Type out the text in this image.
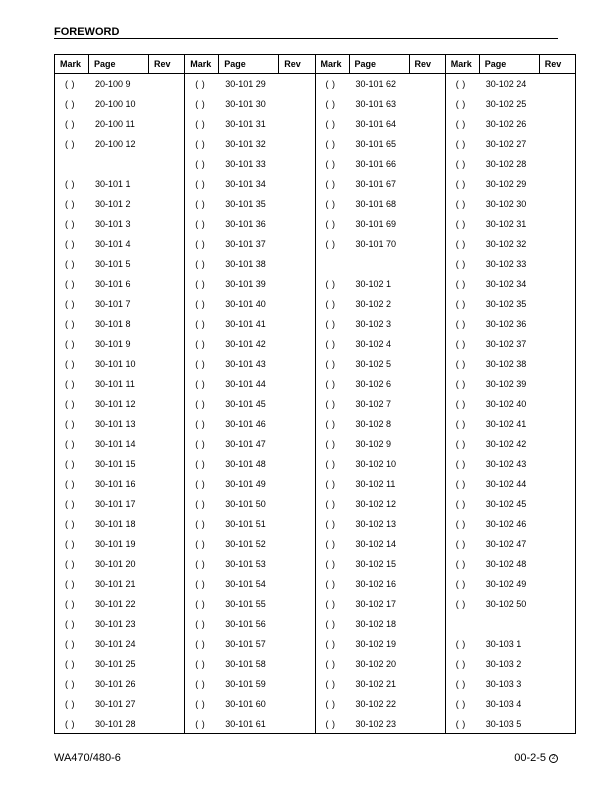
FOREWORD
Mark	Page	Rev
( )	20-100 9
( )	20-100 10
( )	20-100 11
( )	20-100 12
( )	30-101 1
( )	30-101 2
( )	30-101 3
( )	30-101 4
( )	30-101 5
( )	30-101 6
( )	30-101 7
( )	30-101 8
( )	30-101 9
( )	30-101 10
( )	30-101 11
( )	30-101 12
( )	30-101 13
( )	30-101 14
( )	30-101 15
( )	30-101 16
( )	30-101 17
( )	30-101 18
( )	30-101 19
( )	30-101 20
( )	30-101 21
( )	30-101 22
( )	30-101 23
( )	30-101 24
( )	30-101 25
( )	30-101 26
( )	30-101 27
( )	30-101 28
Mark	Page	Rev
( )	30-101 29
( )	30-101 30
( )	30-101 31
( )	30-101 32
( )	30-101 33
( )	30-101 34
( )	30-101 35
( )	30-101 36
( )	30-101 37
( )	30-101 38
( )	30-101 39
( )	30-101 40
( )	30-101 41
( )	30-101 42
( )	30-101 43
( )	30-101 44
( )	30-101 45
( )	30-101 46
( )	30-101 47
( )	30-101 48
( )	30-101 49
( )	30-101 50
( )	30-101 51
( )	30-101 52
( )	30-101 53
( )	30-101 54
( )	30-101 55
( )	30-101 56
( )	30-101 57
( )	30-101 58
( )	30-101 59
( )	30-101 60
( )	30-101 61
Mark	Page	Rev
( )	30-101 62
( )	30-101 63
( )	30-101 64
( )	30-101 65
( )	30-101 66
( )	30-101 67
( )	30-101 68
( )	30-101 69
( )	30-101 70
( )	30-102 1
( )	30-102 2
( )	30-102 3
( )	30-102 4
( )	30-102 5
( )	30-102 6
( )	30-102 7
( )	30-102 8
( )	30-102 9
( )	30-102 10
( )	30-102 11
( )	30-102 12
( )	30-102 13
( )	30-102 14
( )	30-102 15
( )	30-102 16
( )	30-102 17
( )	30-102 18
( )	30-102 19
( )	30-102 20
( )	30-102 21
( )	30-102 22
( )	30-102 23
Mark	Page	Rev
( )	30-102 24
( )	30-102 25
( )	30-102 26
( )	30-102 27
( )	30-102 28
( )	30-102 29
( )	30-102 30
( )	30-102 31
( )	30-102 32
( )	30-102 33
( )	30-102 34
( )	30-102 35
( )	30-102 36
( )	30-102 37
( )	30-102 38
( )	30-102 39
( )	30-102 40
( )	30-102 41
( )	30-102 42
( )	30-102 43
( )	30-102 44
( )	30-102 45
( )	30-102 46
( )	30-102 47
( )	30-102 48
( )	30-102 49
( )	30-102 50
( )	30-103 1
( )	30-103 2
( )	30-103 3
( )	30-103 4
( )	30-103 5
WA470/480-6	00-2-5 2
